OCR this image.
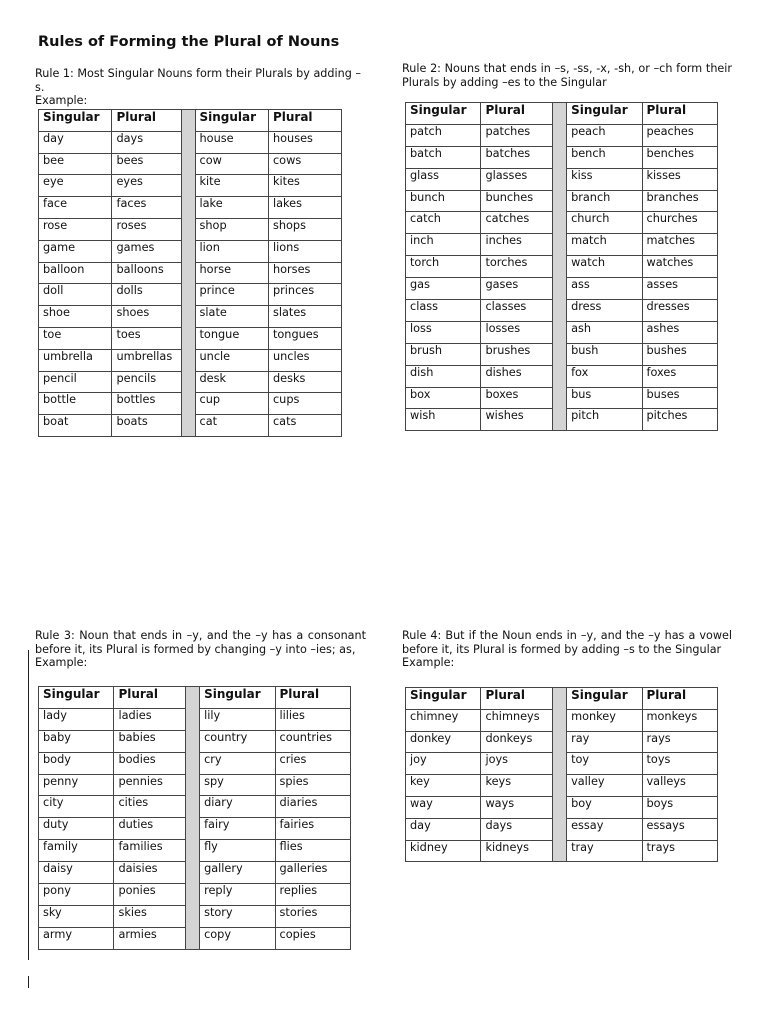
Rules of Forming the Plural of Nouns

Rule 1: Most Singular Nouns form their Plurals by adding –s.

Example:

Singular	Plural		Singular	Plural
day	days		house	houses
bee	bees		cow	cows
eye	eyes		kite	kites
face	faces		lake	lakes
rose	roses		shop	shops
game	games		lion	lions
balloon	balloons		horse	horses
doll	dolls		prince	princes
shoe	shoes		slate	slates
toe	toes		tongue	tongues
umbrella	umbrellas		uncle	uncles
pencil	pencils		desk	desks
bottle	bottles		cup	cups
boat	boats		cat	cats

Rule 2: Nouns that ends in –s, -ss, -x, -sh, or –ch form their Plurals by adding –es to the Singular

Singular	Plural		Singular	Plural
patch	patches		peach	peaches
batch	batches		bench	benches
glass	glasses		kiss	kisses
bunch	bunches		branch	branches
catch	catches		church	churches
inch	inches		match	matches
torch	torches		watch	watches
gas	gases		ass	asses
class	classes		dress	dresses
loss	losses		ash	ashes
brush	brushes		bush	bushes
dish	dishes		fox	foxes
box	boxes		bus	buses
wish	wishes		pitch	pitches

Rule 3: Noun that ends in –y, and the –y has a consonant before it, its Plural is formed by changing –y into –ies; as,

Example:

Singular	Plural		Singular	Plural
lady	ladies		lily	lilies
baby	babies		country	countries
body	bodies		cry	cries
penny	pennies		spy	spies
city	cities		diary	diaries
duty	duties		fairy	fairies
family	families		fly	flies
daisy	daisies		gallery	galleries
pony	ponies		reply	replies
sky	skies		story	stories
army	armies		copy	copies

Rule 4: But if the Noun ends in –y, and the –y has a vowel before it, its Plural is formed by adding –s to the Singular

Example:

Singular	Plural		Singular	Plural
chimney	chimneys		monkey	monkeys
donkey	donkeys		ray	rays
joy	joys		toy	toys
key	keys		valley	valleys
way	ways		boy	boys
day	days		essay	essays
kidney	kidneys		tray	trays
